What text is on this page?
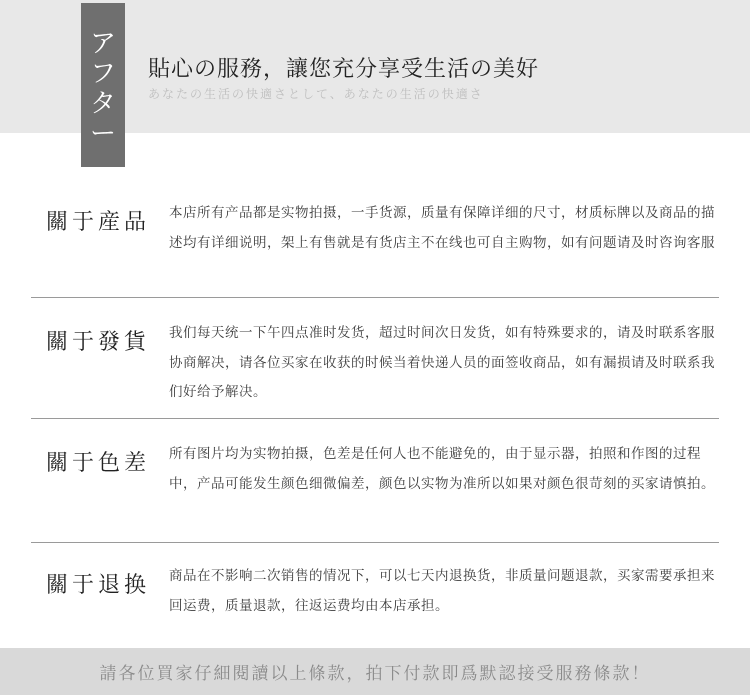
ア
フ
タ
ー
貼心の服務，讓您充分享受生活の美好
あなたの生活の快適さとして、あなたの生活の快適さ
關于産品 本店所有产品都是实物拍摄，一手货源，质量有保障详细的尺寸，材质标牌以及商品的描述均有详细说明，架上有售就是有货店主不在线也可自主购物，如有问题请及时咨询客服
關于發貨 我们每天统一下午四点准时发货，超过时间次日发货，如有特殊要求的，请及时联系客服协商解决，请各位买家在收获的时候当着快递人员的面签收商品，如有漏损请及时联系我们好给予解决。
關于色差 所有图片均为实物拍摄，色差是任何人也不能避免的，由于显示器，拍照和作图的过程中，产品可能发生颜色细微偏差，颜色以实物为准所以如果对颜色很苛刻的买家请慎拍。
關于退换 商品在不影响二次销售的情况下，可以七天内退换货，非质量问题退款，买家需要承担来回运费，质量退款，往返运费均由本店承担。
請各位買家仔細閱讀以上條款，拍下付款即爲默認接受服務條款！
